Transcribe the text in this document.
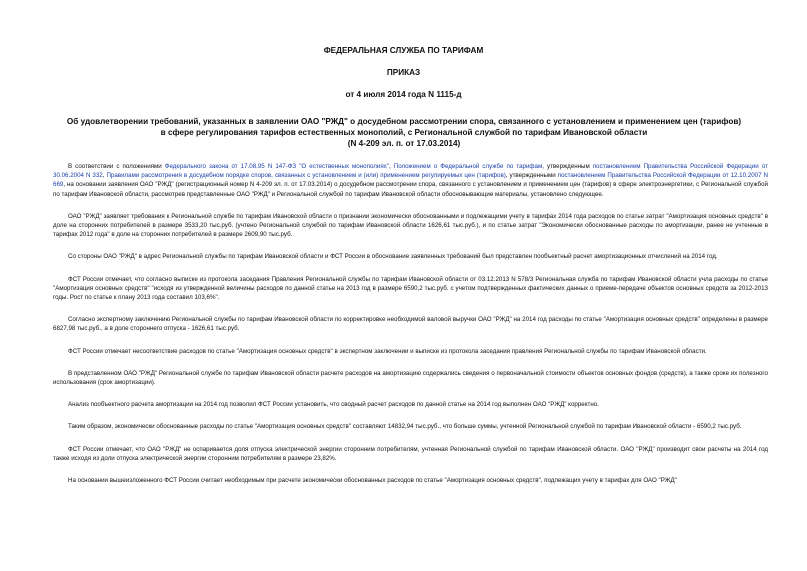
ФЕДЕРАЛЬНАЯ СЛУЖБА ПО ТАРИФАМ
ПРИКАЗ
от 4 июля 2014 года N 1115-д
Об удовлетворении требований, указанных в заявлении ОАО "РЖД" о досудебном рассмотрении спора, связанного с установлением и применением цен (тарифов)
в сфере регулирования тарифов естественных монополий, с Региональной службой по тарифам Ивановской области
(N 4-209 эл. п. от 17.03.2014)

В соответствии с положениями Федерального закона от 17.08.95 N 147-ФЗ "О естественных монополиях", Положением о Федеральной службе по тарифам, утвержденным постановлением Правительства Российской Федерации от 30.06.2004 N 332, Правилами рассмотрения в досудебном порядке споров, связанных с установлением и (или) применением регулируемых цен (тарифов), утвержденными постановлением Правительства Российской Федерации от 12.10.2007 N 669, на основании заявления ОАО "РЖД" (регистрационный номер N 4-209 эл. п. от 17.03.2014) о досудебном рассмотрении спора, связанного с установлением и применением цен (тарифов) в сфере электроэнергетики, с Региональной службой по тарифам Ивановской области, рассмотрев представленные ОАО "РЖД" и Региональной службой по тарифам Ивановской области обосновывающие материалы, установлено следующее.

ОАО "РЖД" заявляет требования к Региональной службе по тарифам Ивановской области о признании экономически обоснованными и подлежащими учету в тарифах 2014 года расходов по статье затрат "Амортизация основных средств" в доле на сторонних потребителей в размере 3533,20 тыс.руб. (учтено Региональной службой по тарифам Ивановской области 1626,61 тыс.руб.), и по статье затрат "Экономически обоснованные расходы по амортизации, ранее не учтенные в тарифах 2012 года" в доле на сторонних потребителей в размере 2609,90 тыс.руб.

Со стороны ОАО "РЖД" в адрес Региональной службы по тарифам Ивановской области и ФСТ России в обоснование заявленных требований был представлен пообъектный расчет амортизационных отчислений на 2014 год.

ФСТ России отмечает, что согласно выписке из протокола заседания Правления Региональной службы по тарифам Ивановской области от 03.12.2013 N 578/3 Региональная служба по тарифам Ивановской области учла расходы по статье "Амортизация основных средств" "исходя из утвержденной величины расходов по данной статье на 2013 год в размере 6590,2 тыс.руб. с учетом подтвержденных фактических данных о приеме-передаче объектов основных средств за 2012-2013 годы. Рост по статье к плану 2013 года составил 103,6%".

Согласно экспертному заключению Региональной службы по тарифам Ивановской области по корректировке необходимой валовой выручки ОАО "РЖД" на 2014 год расходы по статье "Амортизация основных средств" определены в размере 6827,98 тыс.руб., а в доле стороннего отпуска - 1626,61 тыс.руб.

ФСТ России отмечает несоответствие расходов по статье "Амортизация основных средств" в экспертном заключении и выписке из протокола заседания правления Региональной службы по тарифам Ивановской области.

В представленном ОАО "РЖД" Региональной службе по тарифам Ивановской области расчете расходов на амортизацию содержались сведения о первоначальной стоимости объектов основных фондов (средств), а также сроке их полезного использования (срок амортизации).

Анализ пообъектного расчета амортизации на 2014 год позволил ФСТ России установить, что сводный расчет расходов по данной статье на 2014 год выполнен ОАО "РЖД" корректно.

Таким образом, экономически обоснованные расходы по статье "Амортизация основных средств" составляют 14832,94 тыс.руб., что больше суммы, учтенной Региональной службой по тарифам Ивановской области - 6590,2 тыс.руб.

ФСТ России отмечает, что ОАО "РЖД" не оспаривается доля отпуска электрической энергии сторонним потребителям, учтенная Региональной службой по тарифам Ивановской области. ОАО "РЖД" производит свои расчеты на 2014 год также исходя из доли отпуска электрической энергии сторонним потребителям в размере 23,82%.

На основании вышеизложенного ФСТ России считает необходимым при расчете экономически обоснованных расходов по статье "Амортизация основных средств", подлежащих учету в тарифах для ОАО "РЖД"
